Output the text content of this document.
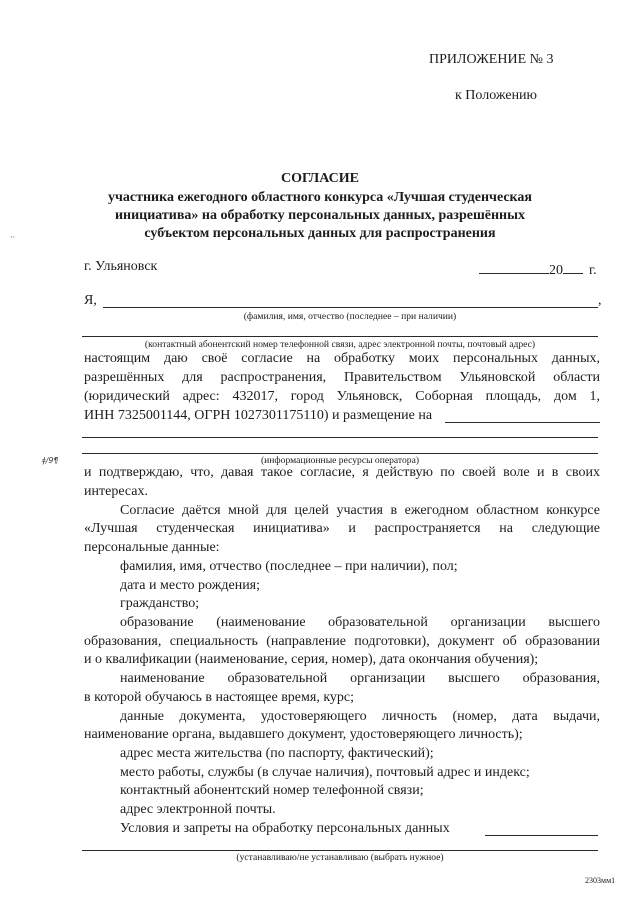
ПРИЛОЖЕНИЕ № 3
к Положению
СОГЛАСИЕ
участника ежегодного областного конкурса «Лучшая студенческая
инициатива» на обработку персональных данных, разрешённых
субъектом персональных данных для распространения
··
ǂ∕9¶
г. Ульяновск	20 г.
Я,	,
(фамилия, имя, отчество (последнее – при наличии)
(контактный абонентский номер телефонной связи, адрес электронной почты, почтовый адрес)
настоящим даю своё согласие на обработку моих персональных данных,
разрешённых для распространения, Правительством Ульяновской области
(юридический адрес: 432017, город Ульяновск, Соборная площадь, дом 1,
ИНН 7325001144, ОГРН 1027301175110) и размещение на
(информационные ресурсы оператора)
и подтверждаю, что, давая такое согласие, я действую по своей воле и в своих
интересах.
Согласие даётся мной для целей участия в ежегодном областном конкурсе
«Лучшая студенческая инициатива» и распространяется на следующие
персональные данные:
фамилия, имя, отчество (последнее – при наличии), пол;
дата и место рождения;
гражданство;
образование (наименование образовательной организации высшего
образования, специальность (направление подготовки), документ об образовании
и о квалификации (наименование, серия, номер), дата окончания обучения);
наименование образовательной организации высшего образования,
в которой обучаюсь в настоящее время, курс;
данные документа, удостоверяющего личность (номер, дата выдачи,
наименование органа, выдавшего документ, удостоверяющего личность);
адрес места жительства (по паспорту, фактический);
место работы, службы (в случае наличия), почтовый адрес и индекс;
контактный абонентский номер телефонной связи;
адрес электронной почты.
Условия и запреты на обработку персональных данных
(устанавливаю/не устанавливаю (выбрать нужное)
2303мм1
